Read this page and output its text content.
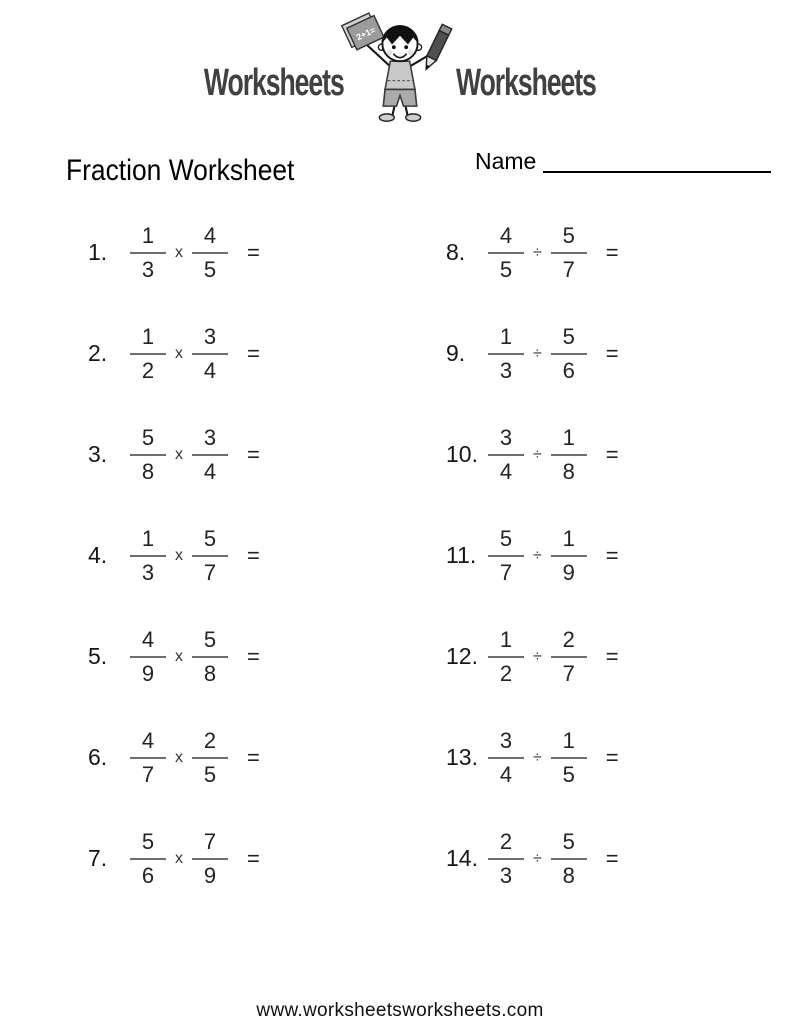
Worksheets
2+1=
Worksheets
Fraction Worksheet	Name
1.	$\frac{1}{3}$ x $\frac{4}{5}$ =
2.	$\frac{1}{2}$ x $\frac{3}{4}$ =
3.	$\frac{5}{8}$ x $\frac{3}{4}$ =
4.	$\frac{1}{3}$ x $\frac{5}{7}$ =
5.	$\frac{4}{9}$ x $\frac{5}{8}$ =
6.	$\frac{4}{7}$ x $\frac{2}{5}$ =
7.	$\frac{5}{6}$ x $\frac{7}{9}$ =
8.	$\frac{4}{5} \div \frac{5}{7}$ =
9.	$\frac{1}{3} \div \frac{5}{6}$ =
10. $\frac{3}{4} \div \frac{1}{8}$ =
11. $\frac{5}{7} \div \frac{1}{9}$ =
12. $\frac{1}{2} \div \frac{2}{7}$ =
13. $\frac{3}{4} \div \frac{1}{5}$ =
14. $\frac{2}{3} \div \frac{5}{8}$ =
www.worksheetsworksheets.com
